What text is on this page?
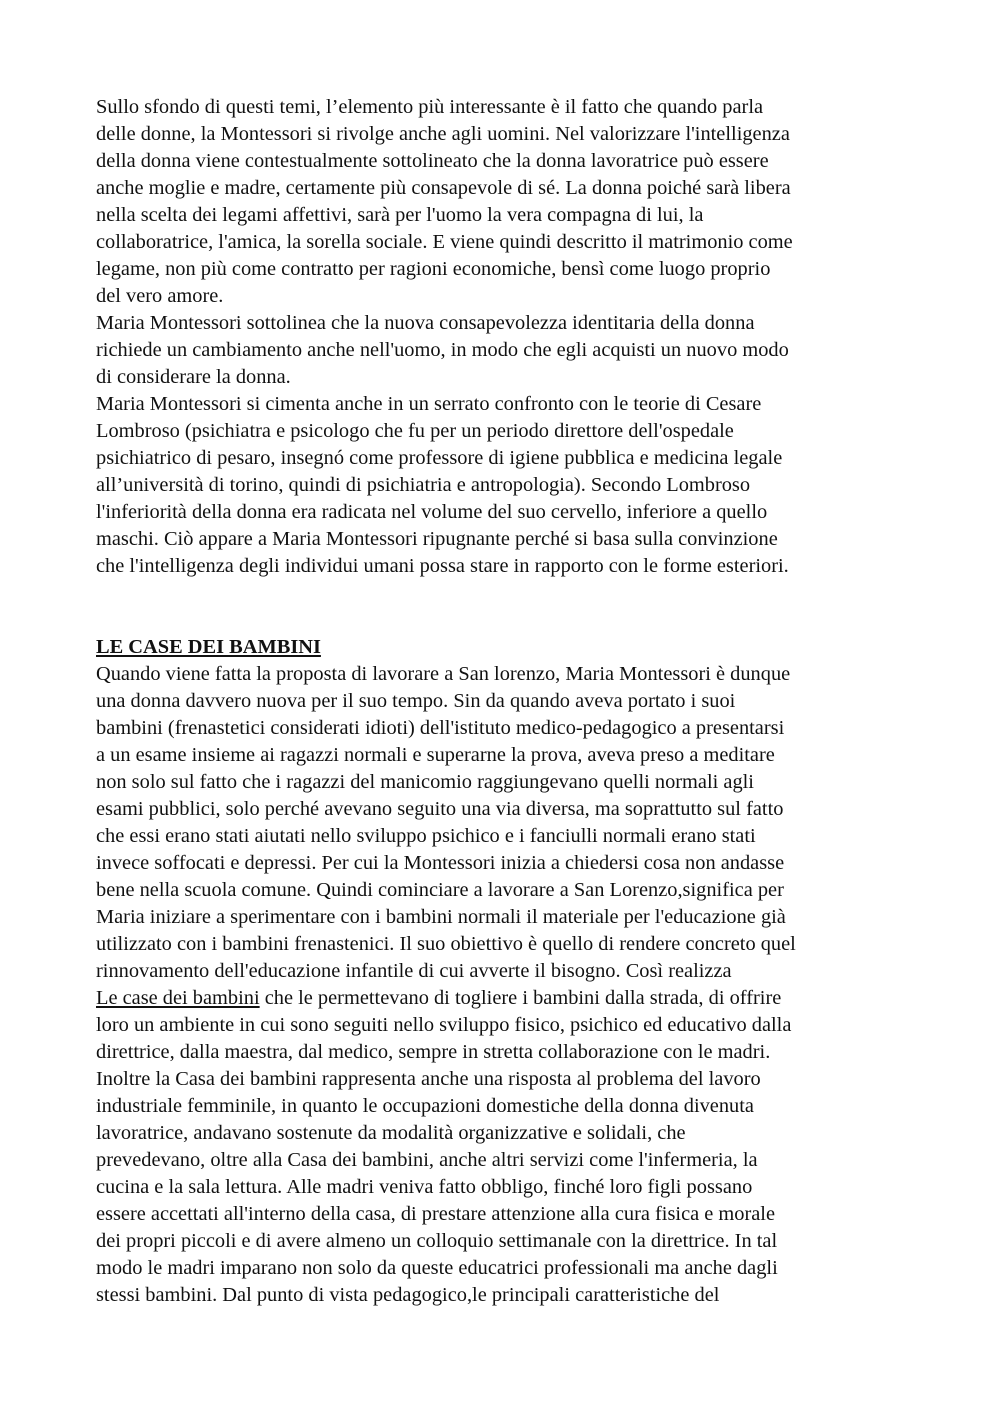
Sullo sfondo di questi temi, l’elemento più interessante è il fatto che quando parla
delle donne, la Montessori si rivolge anche agli uomini. Nel valorizzare l'intelligenza
della donna viene contestualmente sottolineato che la donna lavoratrice può essere
anche moglie e madre, certamente più consapevole di sé. La donna poiché sarà libera
nella scelta dei legami affettivi, sarà per l'uomo la vera compagna di lui, la
collaboratrice, l'amica, la sorella sociale. E viene quindi descritto il matrimonio come
legame, non più come contratto per ragioni economiche, bensì come luogo proprio
del vero amore.
Maria Montessori sottolinea che la nuova consapevolezza identitaria della donna
richiede un cambiamento anche nell'uomo, in modo che egli acquisti un nuovo modo
di considerare la donna.
Maria Montessori si cimenta anche in un serrato confronto con le teorie di Cesare
Lombroso (psichiatra e psicologo che fu per un periodo direttore dell'ospedale
psichiatrico di pesaro, insegnó come professore di igiene pubblica e medicina legale
all’università di torino, quindi di psichiatria e antropologia). Secondo Lombroso
l'inferiorità della donna era radicata nel volume del suo cervello, inferiore a quello
maschi. Ciò appare a Maria Montessori ripugnante perché si basa sulla convinzione
che l'intelligenza degli individui umani possa stare in rapporto con le forme esteriori.
LE CASE DEI BAMBINI
Quando viene fatta la proposta di lavorare a San lorenzo, Maria Montessori è dunque
una donna davvero nuova per il suo tempo. Sin da quando aveva portato i suoi
bambini (frenastetici considerati idioti) dell'istituto medico-pedagogico a presentarsi
a un esame insieme ai ragazzi normali e superarne la prova, aveva preso a meditare
non solo sul fatto che i ragazzi del manicomio raggiungevano quelli normali agli
esami pubblici, solo perché avevano seguito una via diversa, ma soprattutto sul fatto
che essi erano stati aiutati nello sviluppo psichico e i fanciulli normali erano stati
invece soffocati e depressi. Per cui la Montessori inizia a chiedersi cosa non andasse
bene nella scuola comune. Quindi cominciare a lavorare a San Lorenzo,significa per
Maria iniziare a sperimentare con i bambini normali il materiale per l'educazione già
utilizzato con i bambini frenastenici. Il suo obiettivo è quello di rendere concreto quel
rinnovamento dell'educazione infantile di cui avverte il bisogno. Così realizza
Le case dei bambini che le permettevano di togliere i bambini dalla strada, di offrire
loro un ambiente in cui sono seguiti nello sviluppo fisico, psichico ed educativo dalla
direttrice, dalla maestra, dal medico, sempre in stretta collaborazione con le madri.
Inoltre la Casa dei bambini rappresenta anche una risposta al problema del lavoro
industriale femminile, in quanto le occupazioni domestiche della donna divenuta
lavoratrice, andavano sostenute da modalità organizzative e solidali, che
prevedevano, oltre alla Casa dei bambini, anche altri servizi come l'infermeria, la
cucina e la sala lettura. Alle madri veniva fatto obbligo, finché loro figli possano
essere accettati all'interno della casa, di prestare attenzione alla cura fisica e morale
dei propri piccoli e di avere almeno un colloquio settimanale con la direttrice. In tal
modo le madri imparano non solo da queste educatrici professionali ma anche dagli
stessi bambini. Dal punto di vista pedagogico,le principali caratteristiche del
